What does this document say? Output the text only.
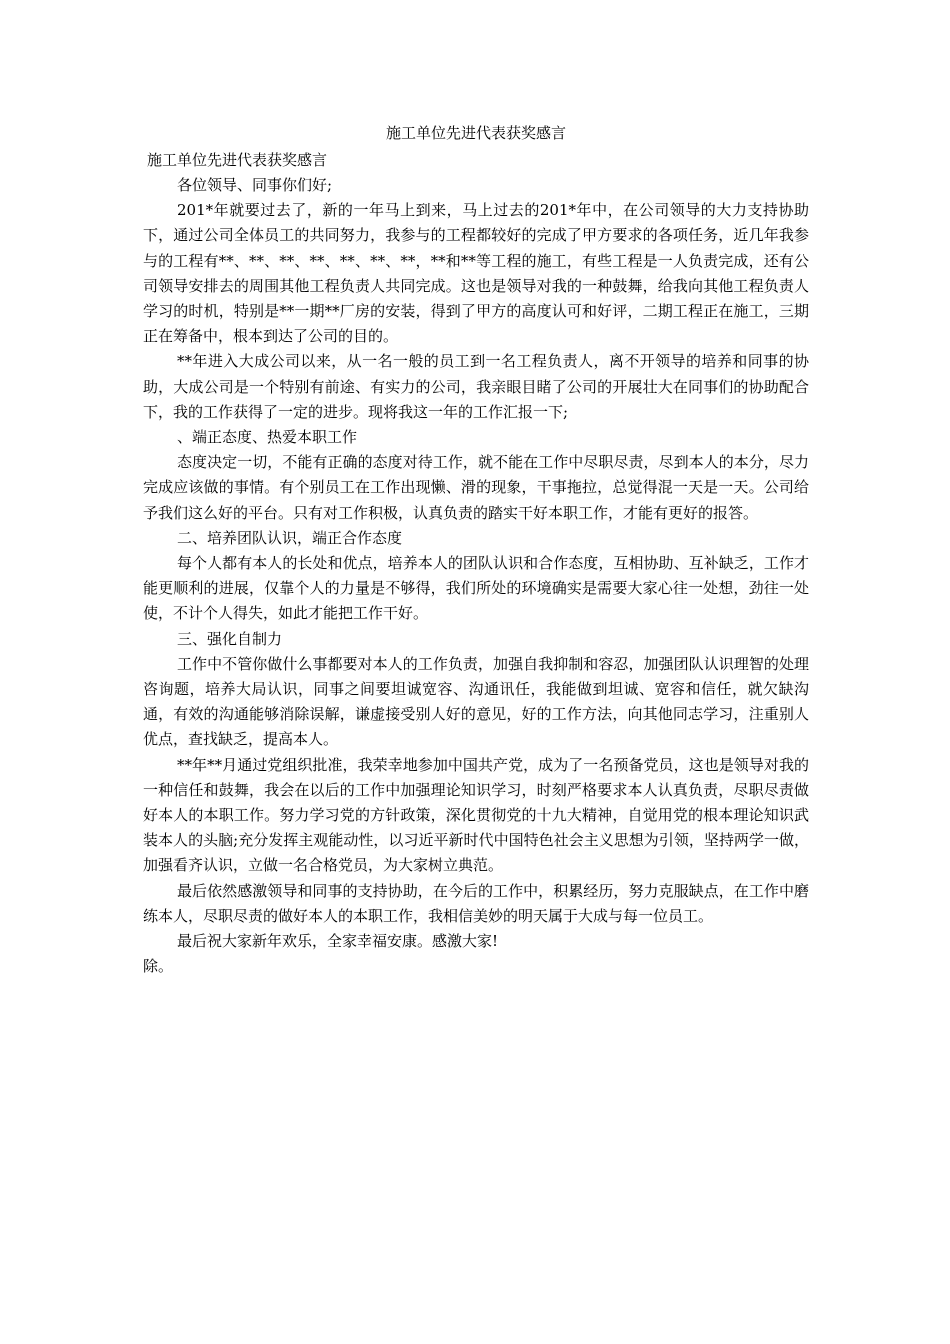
施工单位先进代表获奖感言

施工单位先进代表获奖感言

各位领导、同事你们好;

201*年就要过去了，新的一年马上到来，马上过去的201*年中，在公司领导的大力支持协助下，通过公司全体员工的共同努力，我参与的工程都较好的完成了甲方要求的各项任务，近几年我参与的工程有**、**、**、**、**、**、**，**和**等工程的施工，有些工程是一人负责完成，还有公司领导安排去的周围其他工程负责人共同完成。这也是领导对我的一种鼓舞，给我向其他工程负责人学习的时机，特别是**一期**厂房的安装，得到了甲方的高度认可和好评，二期工程正在施工，三期正在筹备中，根本到达了公司的目的。

**年进入大成公司以来，从一名一般的员工到一名工程负责人，离不开领导的培养和同事的协助，大成公司是一个特别有前途、有实力的公司，我亲眼目睹了公司的开展壮大在同事们的协助配合下，我的工作获得了一定的进步。现将我这一年的工作汇报一下;

、端正态度、热爱本职工作

态度决定一切，不能有正确的态度对待工作，就不能在工作中尽职尽责，尽到本人的本分，尽力完成应该做的事情。有个别员工在工作出现懒、滑的现象，干事拖拉，总觉得混一天是一天。公司给予我们这么好的平台。只有对工作积极，认真负责的踏实干好本职工作，才能有更好的报答。

二、培养团队认识，端正合作态度

每个人都有本人的长处和优点，培养本人的团队认识和合作态度，互相协助、互补缺乏，工作才能更顺利的进展，仅靠个人的力量是不够得，我们所处的环境确实是需要大家心往一处想，劲往一处使，不计个人得失，如此才能把工作干好。

三、强化自制力

工作中不管你做什么事都要对本人的工作负责，加强自我抑制和容忍，加强团队认识理智的处理咨询题，培养大局认识，同事之间要坦诚宽容、沟通讯任，我能做到坦诚、宽容和信任，就欠缺沟通，有效的沟通能够消除误解，谦虚接受别人好的意见，好的工作方法，向其他同志学习，注重别人优点，查找缺乏，提高本人。

**年**月通过党组织批准，我荣幸地参加中国共产党，成为了一名预备党员，这也是领导对我的一种信任和鼓舞，我会在以后的工作中加强理论知识学习，时刻严格要求本人认真负责，尽职尽责做好本人的本职工作。努力学习党的方针政策，深化贯彻党的十九大精神，自觉用党的根本理论知识武装本人的头脑;充分发挥主观能动性，以习近平新时代中国特色社会主义思想为引领，坚持两学一做，加强看齐认识，立做一名合格党员，为大家树立典范。

最后依然感激领导和同事的支持协助，在今后的工作中，积累经历，努力克服缺点，在工作中磨练本人，尽职尽责的做好本人的本职工作，我相信美妙的明天属于大成与每一位员工。

最后祝大家新年欢乐，全家幸福安康。感激大家!

除。
